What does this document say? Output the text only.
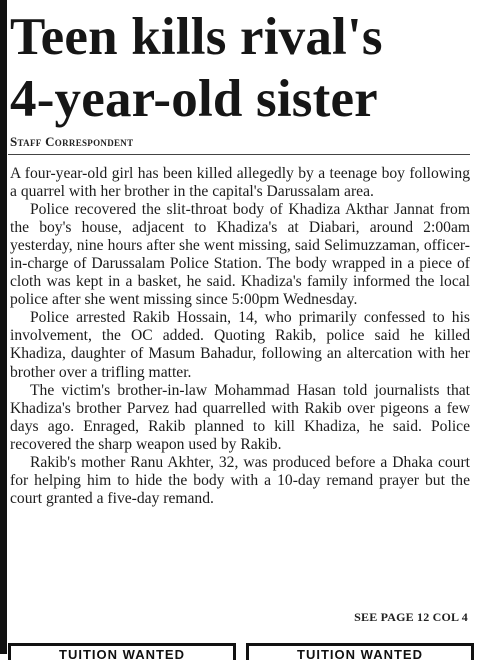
Teen kills rival's
4-year-old sister
Staff Correspondent

A four-year-old girl has been killed allegedly by a teenage boy following a quarrel with her brother in the capital's Darussalam area.

Police recovered the slit-throat body of Khadiza Akthar Jannat from the boy's house, adjacent to Khadiza's at Diabari, around 2:00am yesterday, nine hours after she went missing, said Selimuzzaman, officer-in-charge of Darussalam Police Station. The body wrapped in a piece of cloth was kept in a basket, he said. Khadiza's family informed the local police after she went missing since 5:00pm Wednesday.

Police arrested Rakib Hossain, 14, who primarily confessed to his involvement, the OC added. Quoting Rakib, police said he killed Khadiza, daughter of Masum Bahadur, following an altercation with her brother over a trifling matter.

The victim's brother-in-law Mohammad Hasan told journalists that Khadiza's brother Parvez had quarrelled with Rakib over pigeons a few days ago. Enraged, Rakib planned to kill Khadiza, he said. Police recovered the sharp weapon used by Rakib.

Rakib's mother Ranu Akhter, 32, was produced before a Dhaka court for helping him to hide the body with a 10-day remand prayer but the court granted a five-day remand.

SEE PAGE 12 COL 4
TUITION WANTED	TUITION WANTED
